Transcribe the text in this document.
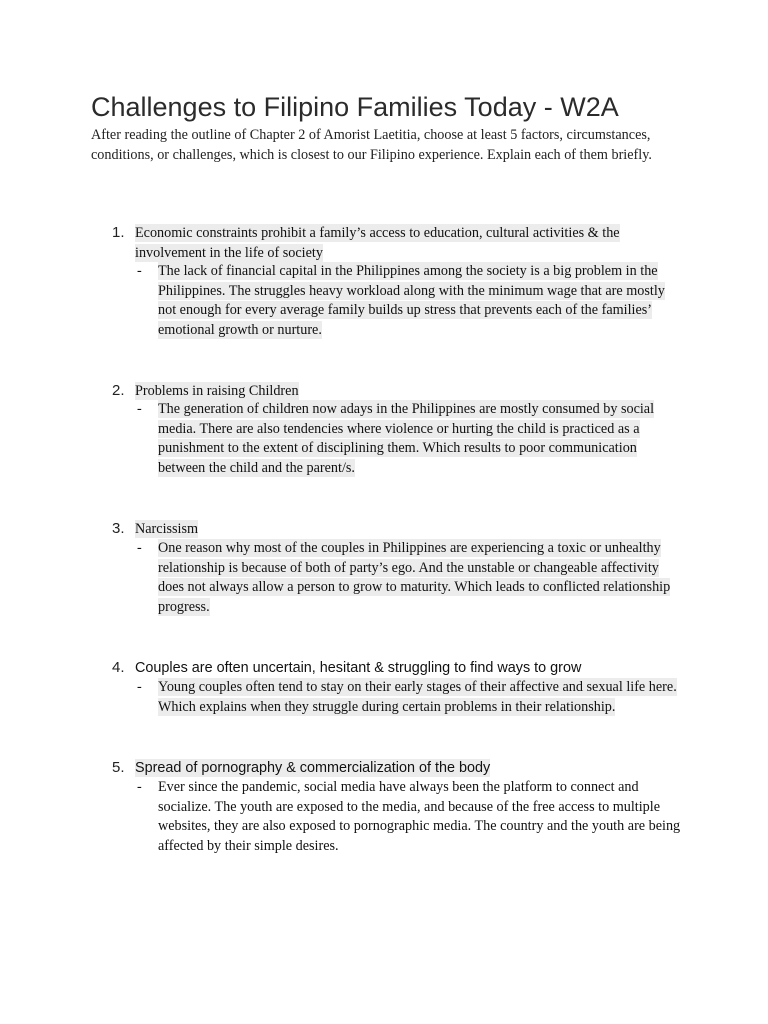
Challenges to Filipino Families Today - W2A
After reading the outline of Chapter 2 of Amorist Laetitia, choose at least 5 factors, circumstances, conditions, or challenges, which is closest to our Filipino experience. Explain each of them briefly.
1. Economic constraints prohibit a family’s access to education, cultural activities & the involvement in the life of society
- The lack of financial capital in the Philippines among the society is a big problem in the Philippines. The struggles heavy workload along with the minimum wage that are mostly not enough for every average family builds up stress that prevents each of the families’ emotional growth or nurture.
2. Problems in raising Children
- The generation of children now adays in the Philippines are mostly consumed by social media. There are also tendencies where violence or hurting the child is practiced as a punishment to the extent of disciplining them. Which results to poor communication between the child and the parent/s.
3. Narcissism
- One reason why most of the couples in Philippines are experiencing a toxic or unhealthy relationship is because of both of party’s ego. And the unstable or changeable affectivity does not always allow a person to grow to maturity. Which leads to conflicted relationship progress.
4. Couples are often uncertain, hesitant & struggling to find ways to grow
- Young couples often tend to stay on their early stages of their affective and sexual life here. Which explains when they struggle during certain problems in their relationship.
5. Spread of pornography & commercialization of the body
- Ever since the pandemic, social media have always been the platform to connect and socialize. The youth are exposed to the media, and because of the free access to multiple websites, they are also exposed to pornographic media. The country and the youth are being affected by their simple desires.
